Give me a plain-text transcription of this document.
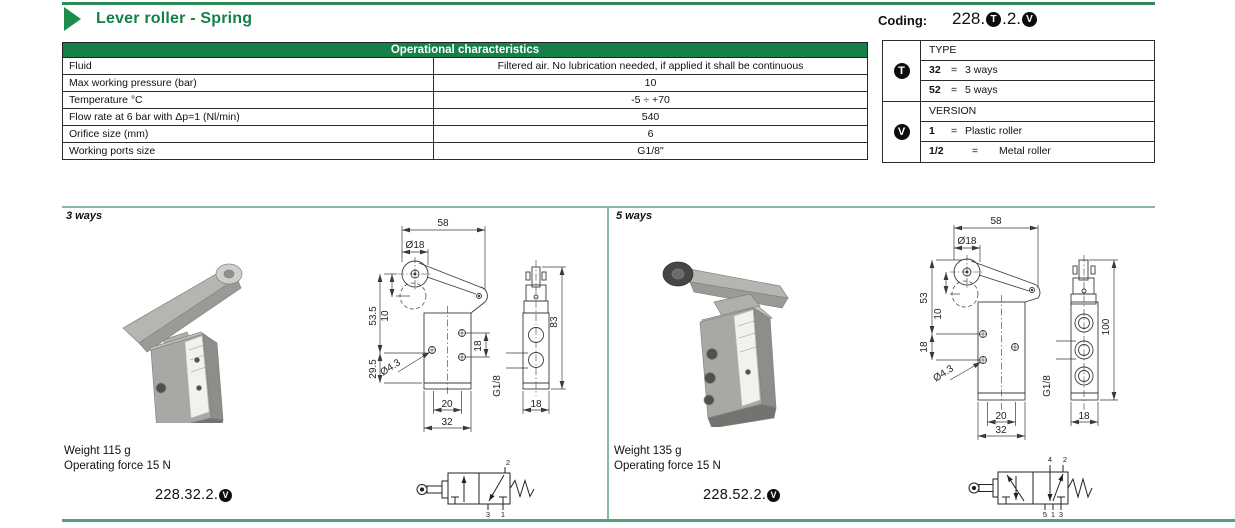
Lever roller - Spring	Coding: 228. T .2. V
Operational characteristics
Fluid	Filtered air. No lubrication needed, if applied it shall be continuous
Max working pressure (bar)	10
Temperature °C	-5 ÷ +70
Flow rate at 6 bar with Δp=1 (Nl/min)	540
Orifice size (mm)	6
Working ports size	G1/8"
T
TYPE
32 = 3 ways
52 = 5 ways
V
VERSION
1 = Plastic roller
1/2	= Metal roller
3 ways
58
Ø18
53.5 10
29.5 Ø4.3
18
20
32
83
18
G1/8
Weight 115 g
Operating force 15 N
228.32.2. V
2
3 1
5 ways	58
Ø18
53
10
18
Ø4.3
20
32
100
18
G1/8
Weight 135 g
Operating force 15 N
228.52.2. V
4 2
5 1 3
